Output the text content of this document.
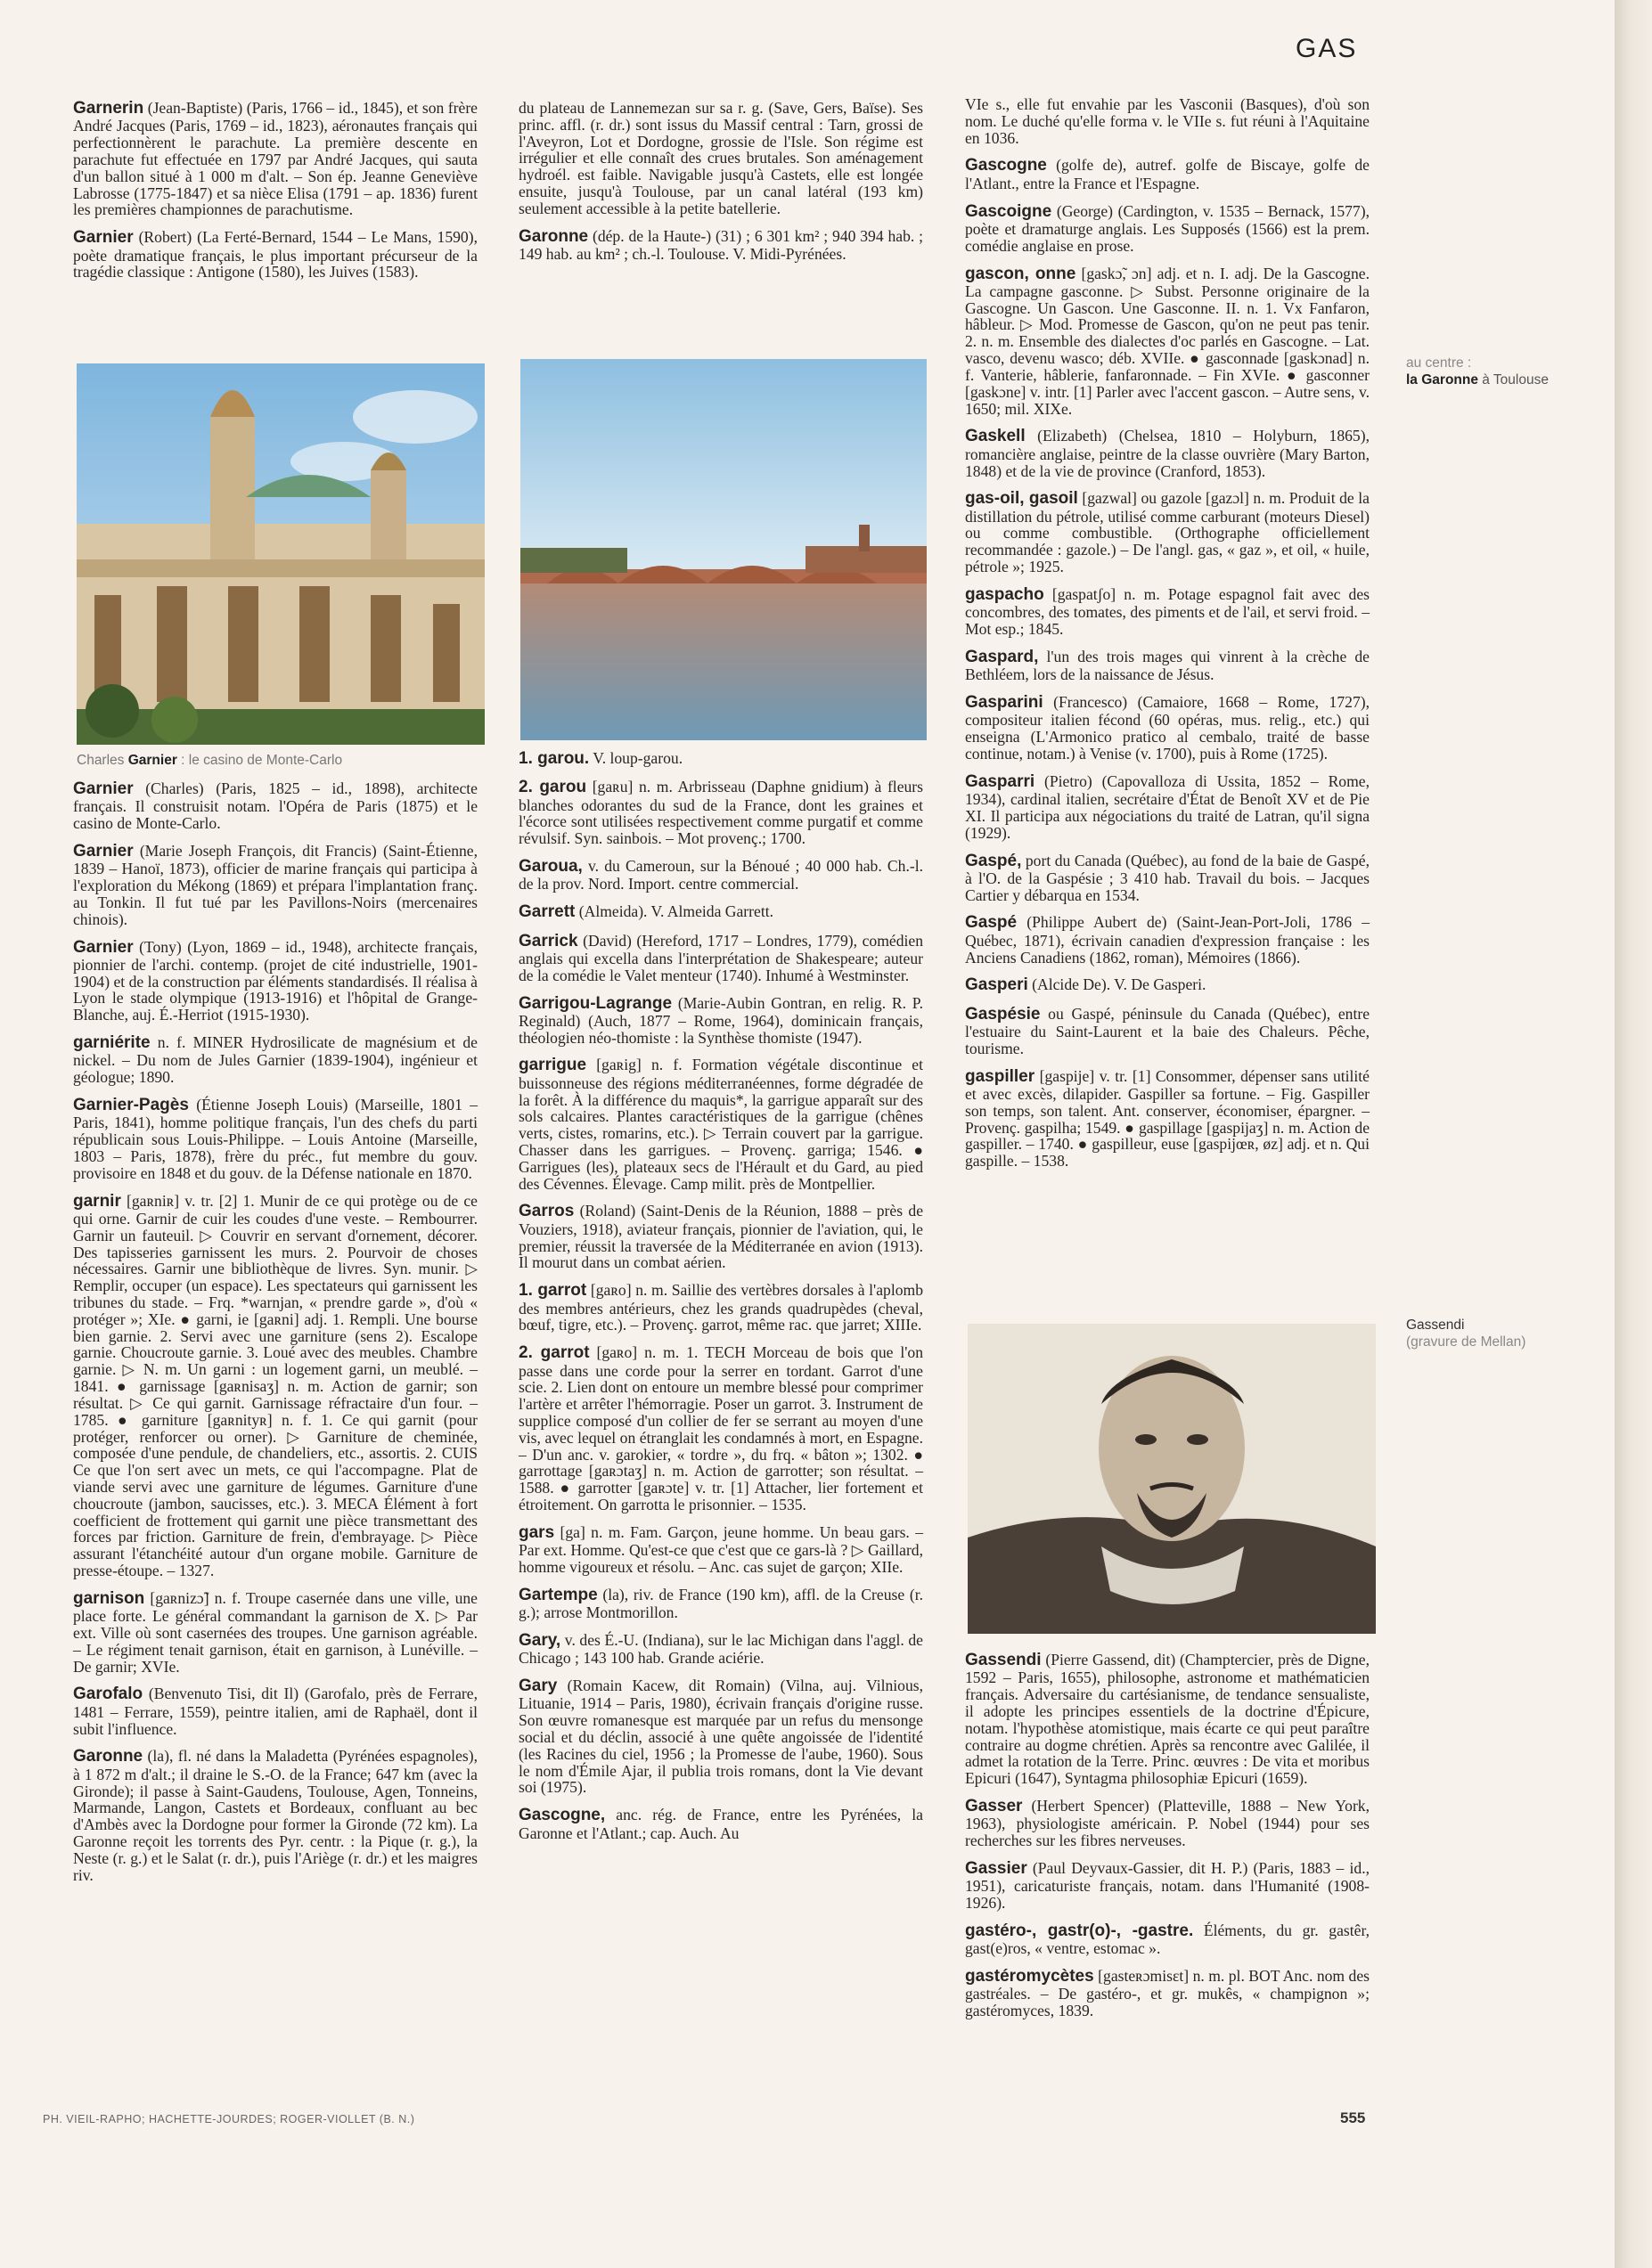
GAS

Garnerin (Jean-Baptiste) (Paris, 1766 – id., 1845), et son frère André Jacques (Paris, 1769 – id., 1823), aéronautes français qui perfectionnèrent le parachute. La première descente en parachute fut effectuée en 1797 par André Jacques, qui sauta d'un ballon situé à 1 000 m d'alt. – Son ép. Jeanne Geneviève Labrosse (1775-1847) et sa nièce Elisa (1791 – ap. 1836) furent les premières championnes de parachutisme.

Garnier (Robert) (La Ferté-Bernard, 1544 – Le Mans, 1590), poète dramatique français, le plus important précurseur de la tragédie classique : Antigone (1580), les Juives (1583).

Charles Garnier : le casino de Monte-Carlo

Garnier (Charles) (Paris, 1825 – id., 1898), architecte français. Il construisit notam. l'Opéra de Paris (1875) et le casino de Monte-Carlo.

Garnier (Marie Joseph François, dit Francis) (Saint-Étienne, 1839 – Hanoï, 1873), officier de marine français qui participa à l'exploration du Mékong (1869) et prépara l'implantation franç. au Tonkin. Il fut tué par les Pavillons-Noirs (mercenaires chinois).

Garnier (Tony) (Lyon, 1869 – id., 1948), architecte français, pionnier de l'archi. contemp. (projet de cité industrielle, 1901-1904) et de la construction par éléments standardisés. Il réalisa à Lyon le stade olympique (1913-1916) et l'hôpital de Grange-Blanche, auj. É.-Herriot (1915-1930).

garniérite n. f. MINER Hydrosilicate de magnésium et de nickel. – Du nom de Jules Garnier (1839-1904), ingénieur et géologue; 1890.

Garnier-Pagès (Étienne Joseph Louis) (Marseille, 1801 – Paris, 1841), homme politique français, l'un des chefs du parti républicain sous Louis-Philippe. – Louis Antoine (Marseille, 1803 – Paris, 1878), frère du préc., fut membre du gouv. provisoire en 1848 et du gouv. de la Défense nationale en 1870.

garnir [gaʀniʀ] v. tr. [2] 1. Munir de ce qui protège ou de ce qui orne. Garnir de cuir les coudes d'une veste. – Rembourrer. Garnir un fauteuil. ▷ Couvrir en servant d'ornement, décorer. Des tapisseries garnissent les murs. 2. Pourvoir de choses nécessaires. Garnir une bibliothèque de livres. Syn. munir. ▷ Remplir, occuper (un espace). Les spectateurs qui garnissent les tribunes du stade. – Frq. *warnjan, « prendre garde », d'où « protéger »; XIe. ● garni, ie [gaʀni] adj. 1. Rempli. Une bourse bien garnie. 2. Servi avec une garniture (sens 2). Escalope garnie. Choucroute garnie. 3. Loué avec des meubles. Chambre garnie. ▷ N. m. Un garni : un logement garni, un meublé. – 1841. ● garnissage [gaʀnisaʒ] n. m. Action de garnir; son résultat. ▷ Ce qui garnit. Garnissage réfractaire d'un four. – 1785. ● garniture [gaʀnityʀ] n. f. 1. Ce qui garnit (pour protéger, renforcer ou orner). ▷ Garniture de cheminée, composée d'une pendule, de chandeliers, etc., assortis. 2. CUIS Ce que l'on sert avec un mets, ce qui l'accompagne. Plat de viande servi avec une garniture de légumes. Garniture d'une choucroute (jambon, saucisses, etc.). 3. MECA Élément à fort coefficient de frottement qui garnit une pièce transmettant des forces par friction. Garniture de frein, d'embrayage. ▷ Pièce assurant l'étanchéité autour d'un organe mobile. Garniture de presse-étoupe. – 1327.

garnison [gaʀnizɔ̃] n. f. Troupe casernée dans une ville, une place forte. Le général commandant la garnison de X. ▷ Par ext. Ville où sont casernées des troupes. Une garnison agréable. – Le régiment tenait garnison, était en garnison, à Lunéville. – De garnir; XVIe.

Garofalo (Benvenuto Tisi, dit Il) (Garofalo, près de Ferrare, 1481 – Ferrare, 1559), peintre italien, ami de Raphaël, dont il subit l'influence.

Garonne (la), fl. né dans la Maladetta (Pyrénées espagnoles), à 1 872 m d'alt.; il draine le S.-O. de la France; 647 km (avec la Gironde); il passe à Saint-Gaudens, Toulouse, Agen, Tonneins, Marmande, Langon, Castets et Bordeaux, confluant au bec d'Ambès avec la Dordogne pour former la Gironde (72 km). La Garonne reçoit les torrents des Pyr. centr. : la Pique (r. g.), la Neste (r. g.) et le Salat (r. dr.), puis l'Ariège (r. dr.) et les maigres riv.

du plateau de Lannemezan sur sa r. g. (Save, Gers, Baïse). Ses princ. affl. (r. dr.) sont issus du Massif central : Tarn, grossi de l'Aveyron, Lot et Dordogne, grossie de l'Isle. Son régime est irrégulier et elle connaît des crues brutales. Son aménagement hydroél. est faible. Navigable jusqu'à Castets, elle est longée ensuite, jusqu'à Toulouse, par un canal latéral (193 km) seulement accessible à la petite batellerie.

Garonne (dép. de la Haute-) (31) ; 6 301 km² ; 940 394 hab. ; 149 hab. au km² ; ch.-l. Toulouse. V. Midi-Pyrénées.

1. garou. V. loup-garou.

2. garou [gaʀu] n. m. Arbrisseau (Daphne gnidium) à fleurs blanches odorantes du sud de la France, dont les graines et l'écorce sont utilisées respectivement comme purgatif et comme révulsif. Syn. sainbois. – Mot provenç.; 1700.

Garoua, v. du Cameroun, sur la Bénoué ; 40 000 hab. Ch.-l. de la prov. Nord. Import. centre commercial.

Garrett (Almeida). V. Almeida Garrett.

Garrick (David) (Hereford, 1717 – Londres, 1779), comédien anglais qui excella dans l'interprétation de Shakespeare; auteur de la comédie le Valet menteur (1740). Inhumé à Westminster.

Garrigou-Lagrange (Marie-Aubin Gontran, en relig. R. P. Reginald) (Auch, 1877 – Rome, 1964), dominicain français, théologien néo-thomiste : la Synthèse thomiste (1947).

garrigue [gaʀig] n. f. Formation végétale discontinue et buissonneuse des régions méditerranéennes, forme dégradée de la forêt. À la différence du maquis*, la garrigue apparaît sur des sols calcaires. Plantes caractéristiques de la garrigue (chênes verts, cistes, romarins, etc.). ▷ Terrain couvert par la garrigue. Chasser dans les garrigues. – Provenç. garriga; 1546. ● Garrigues (les), plateaux secs de l'Hérault et du Gard, au pied des Cévennes. Élevage. Camp milit. près de Montpellier.

Garros (Roland) (Saint-Denis de la Réunion, 1888 – près de Vouziers, 1918), aviateur français, pionnier de l'aviation, qui, le premier, réussit la traversée de la Méditerranée en avion (1913). Il mourut dans un combat aérien.

1. garrot [gaʀo] n. m. Saillie des vertèbres dorsales à l'aplomb des membres antérieurs, chez les grands quadrupèdes (cheval, bœuf, tigre, etc.). – Provenç. garrot, même rac. que jarret; XIIIe.

2. garrot [gaʀo] n. m. 1. TECH Morceau de bois que l'on passe dans une corde pour la serrer en tordant. Garrot d'une scie. 2. Lien dont on entoure un membre blessé pour comprimer l'artère et arrêter l'hémorragie. Poser un garrot. 3. Instrument de supplice composé d'un collier de fer se serrant au moyen d'une vis, avec lequel on étranglait les condamnés à mort, en Espagne. – D'un anc. v. garokier, « tordre », du frq. « bâton »; 1302. ● garrottage [gaʀɔtaʒ] n. m. Action de garrotter; son résultat. – 1588. ● garrotter [gaʀɔte] v. tr. [1] Attacher, lier fortement et étroitement. On garrotta le prisonnier. – 1535.

gars [ga] n. m. Fam. Garçon, jeune homme. Un beau gars. – Par ext. Homme. Qu'est-ce que c'est que ce gars-là ? ▷ Gaillard, homme vigoureux et résolu. – Anc. cas sujet de garçon; XIIe.

Gartempe (la), riv. de France (190 km), affl. de la Creuse (r. g.); arrose Montmorillon.

Gary, v. des É.-U. (Indiana), sur le lac Michigan dans l'aggl. de Chicago ; 143 100 hab. Grande aciérie.

Gary (Romain Kacew, dit Romain) (Vilna, auj. Vilnious, Lituanie, 1914 – Paris, 1980), écrivain français d'origine russe. Son œuvre romanesque est marquée par un refus du mensonge social et du déclin, associé à une quête angoissée de l'identité (les Racines du ciel, 1956 ; la Promesse de l'aube, 1960). Sous le nom d'Émile Ajar, il publia trois romans, dont la Vie devant soi (1975).

Gascogne, anc. rég. de France, entre les Pyrénées, la Garonne et l'Atlant.; cap. Auch. Au

VIe s., elle fut envahie par les Vasconii (Basques), d'où son nom. Le duché qu'elle forma v. le VIIe s. fut réuni à l'Aquitaine en 1036.

Gascogne (golfe de), autref. golfe de Biscaye, golfe de l'Atlant., entre la France et l'Espagne.

Gascoigne (George) (Cardington, v. 1535 – Bernack, 1577), poète et dramaturge anglais. Les Supposés (1566) est la prem. comédie anglaise en prose.

gascon, onne [gaskɔ̃, ɔn] adj. et n. I. adj. De la Gascogne. La campagne gasconne. ▷ Subst. Personne originaire de la Gascogne. Un Gascon. Une Gasconne. II. n. 1. Vx Fanfaron, hâbleur. ▷ Mod. Promesse de Gascon, qu'on ne peut pas tenir. 2. n. m. Ensemble des dialectes d'oc parlés en Gascogne. – Lat. vasco, devenu wasco; déb. XVIIe. ● gasconnade [gaskɔnad] n. f. Vanterie, hâblerie, fanfaronnade. – Fin XVIe. ● gasconner [gaskɔne] v. intr. [1] Parler avec l'accent gascon. – Autre sens, v. 1650; mil. XIXe.

Gaskell (Elizabeth) (Chelsea, 1810 – Holyburn, 1865), romancière anglaise, peintre de la classe ouvrière (Mary Barton, 1848) et de la vie de province (Cranford, 1853).

gas-oil, gasoil [gazwal] ou gazole [gazɔl] n. m. Produit de la distillation du pétrole, utilisé comme carburant (moteurs Diesel) ou comme combustible. (Orthographe officiellement recommandée : gazole.) – De l'angl. gas, « gaz », et oil, « huile, pétrole »; 1925.

gaspacho [gaspatʃo] n. m. Potage espagnol fait avec des concombres, des tomates, des piments et de l'ail, et servi froid. – Mot esp.; 1845.

Gaspard, l'un des trois mages qui vinrent à la crèche de Bethléem, lors de la naissance de Jésus.

Gasparini (Francesco) (Camaiore, 1668 – Rome, 1727), compositeur italien fécond (60 opéras, mus. relig., etc.) qui enseigna (L'Armonico pratico al cembalo, traité de basse continue, notam.) à Venise (v. 1700), puis à Rome (1725).

Gasparri (Pietro) (Capovalloza di Ussita, 1852 – Rome, 1934), cardinal italien, secrétaire d'État de Benoît XV et de Pie XI. Il participa aux négociations du traité de Latran, qu'il signa (1929).

Gaspé, port du Canada (Québec), au fond de la baie de Gaspé, à l'O. de la Gaspésie ; 3 410 hab. Travail du bois. – Jacques Cartier y débarqua en 1534.

Gaspé (Philippe Aubert de) (Saint-Jean-Port-Joli, 1786 – Québec, 1871), écrivain canadien d'expression française : les Anciens Canadiens (1862, roman), Mémoires (1866).

Gasperi (Alcide De). V. De Gasperi.

Gaspésie ou Gaspé, péninsule du Canada (Québec), entre l'estuaire du Saint-Laurent et la baie des Chaleurs. Pêche, tourisme.

gaspiller [gaspije] v. tr. [1] Consommer, dépenser sans utilité et avec excès, dilapider. Gaspiller sa fortune. – Fig. Gaspiller son temps, son talent. Ant. conserver, économiser, épargner. – Provenç. gaspilha; 1549. ● gaspillage [gaspijaʒ] n. m. Action de gaspiller. – 1740. ● gaspilleur, euse [gaspijœʀ, øz] adj. et n. Qui gaspille. – 1538.

Gassendi (Pierre Gassend, dit) (Champtercier, près de Digne, 1592 – Paris, 1655), philosophe, astronome et mathématicien français. Adversaire du cartésianisme, de tendance sensualiste, il adopte les principes essentiels de la doctrine d'Épicure, notam. l'hypothèse atomistique, mais écarte ce qui peut paraître contraire au dogme chrétien. Après sa rencontre avec Galilée, il admet la rotation de la Terre. Princ. œuvres : De vita et moribus Epicuri (1647), Syntagma philosophiæ Epicuri (1659).

Gasser (Herbert Spencer) (Platteville, 1888 – New York, 1963), physiologiste américain. P. Nobel (1944) pour ses recherches sur les fibres nerveuses.

Gassier (Paul Deyvaux-Gassier, dit H. P.) (Paris, 1883 – id., 1951), caricaturiste français, notam. dans l'Humanité (1908-1926).

gastéro-, gastr(o)-, -gastre. Éléments, du gr. gastêr, gast(e)ros, « ventre, estomac ».

gastéromycètes [gasteʀɔmisɛt] n. m. pl. BOT Anc. nom des gastréales. – De gastéro-, et gr. mukês, « champignon »; gastéromyces, 1839.

au centre :
la Garonne à Toulouse
Gassendi
(gravure de Mellan)
PH. VIEIL-RAPHO; HACHETTE-JOURDES; ROGER-VIOLLET (B. N.)	555
